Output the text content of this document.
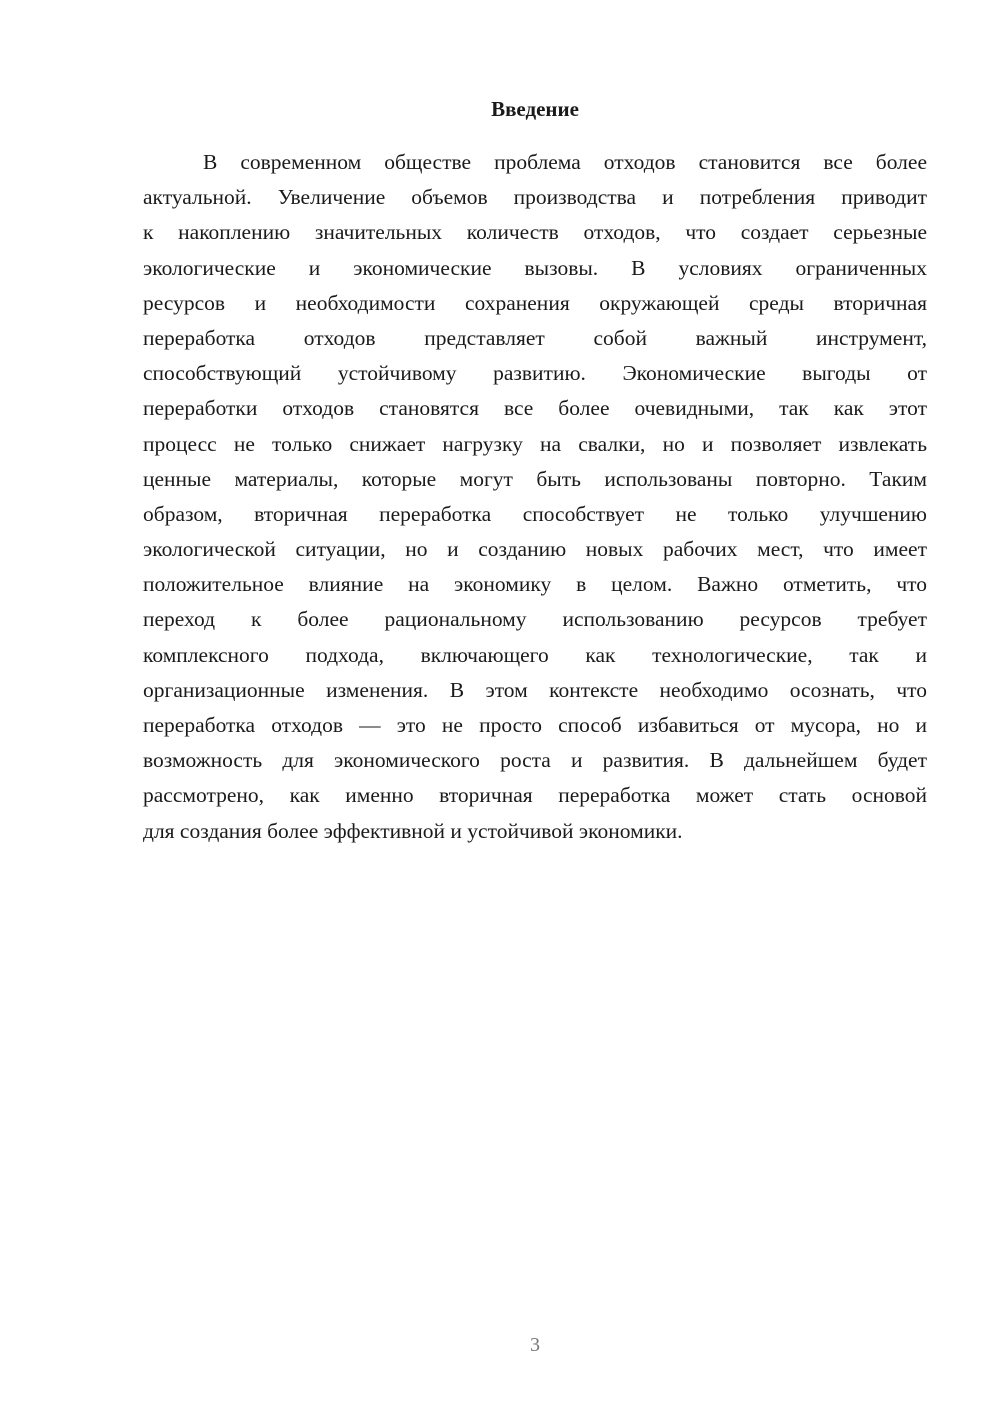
Введение
В современном обществе проблема отходов становится все более
актуальной. Увеличение объемов производства и потребления приводит
к накоплению значительных количеств отходов, что создает серьезные
экологические и экономические вызовы. В условиях ограниченных
ресурсов и необходимости сохранения окружающей среды вторичная
переработка отходов представляет собой важный инструмент,
способствующий устойчивому развитию. Экономические выгоды от
переработки отходов становятся все более очевидными, так как этот
процесс не только снижает нагрузку на свалки, но и позволяет извлекать
ценные материалы, которые могут быть использованы повторно. Таким
образом, вторичная переработка способствует не только улучшению
экологической ситуации, но и созданию новых рабочих мест, что имеет
положительное влияние на экономику в целом. Важно отметить, что
переход к более рациональному использованию ресурсов требует
комплексного подхода, включающего как технологические, так и
организационные изменения. В этом контексте необходимо осознать, что
переработка отходов — это не просто способ избавиться от мусора, но и
возможность для экономического роста и развития. В дальнейшем будет
рассмотрено, как именно вторичная переработка может стать основой
для создания более эффективной и устойчивой экономики.
3
